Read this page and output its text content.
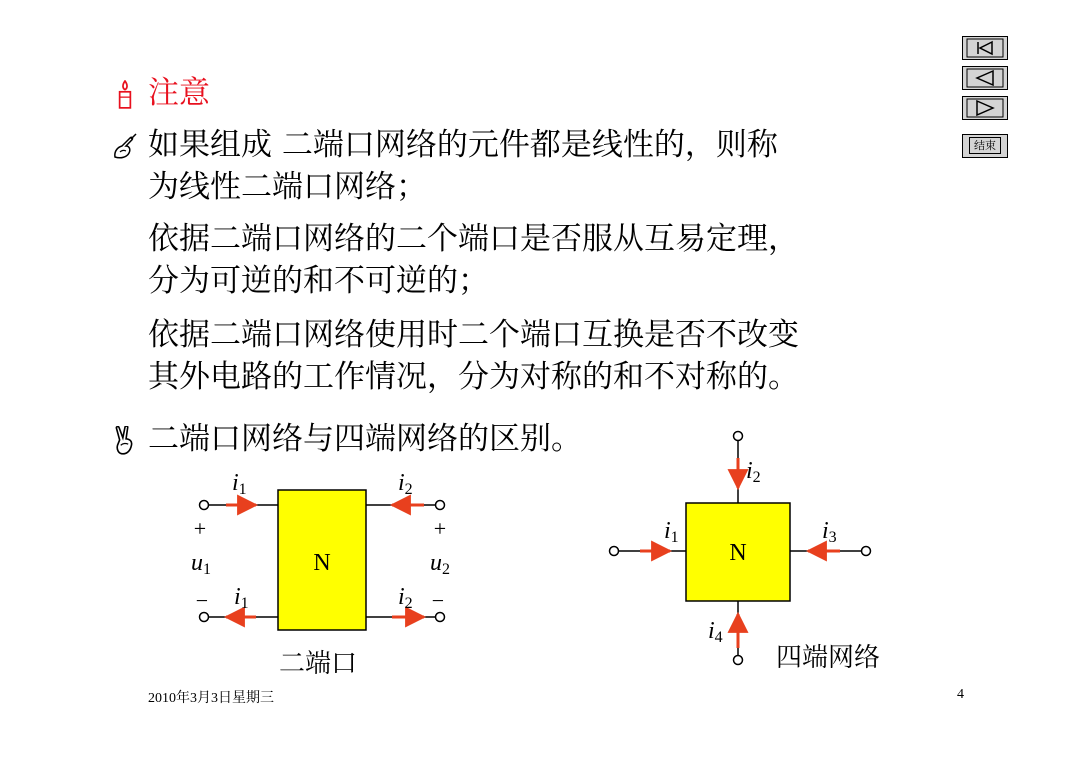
注意
如果组成 二端口网络的元件都是线性的，则称
为线性二端口网络；
依据二端口网络的二个端口是否服从互易定理，
分为可逆的和不可逆的；
依据二端口网络使用时二个端口互换是否不改变
其外电路的工作情况，分为对称的和不对称的。
二端口网络与四端网络的区别。
结束
N
i1	i2
i1	i2
+	+
u1	u2
−	−
二端口
N
i2
i1	i3
i4
四端网络
2010年3月3日星期三	4
